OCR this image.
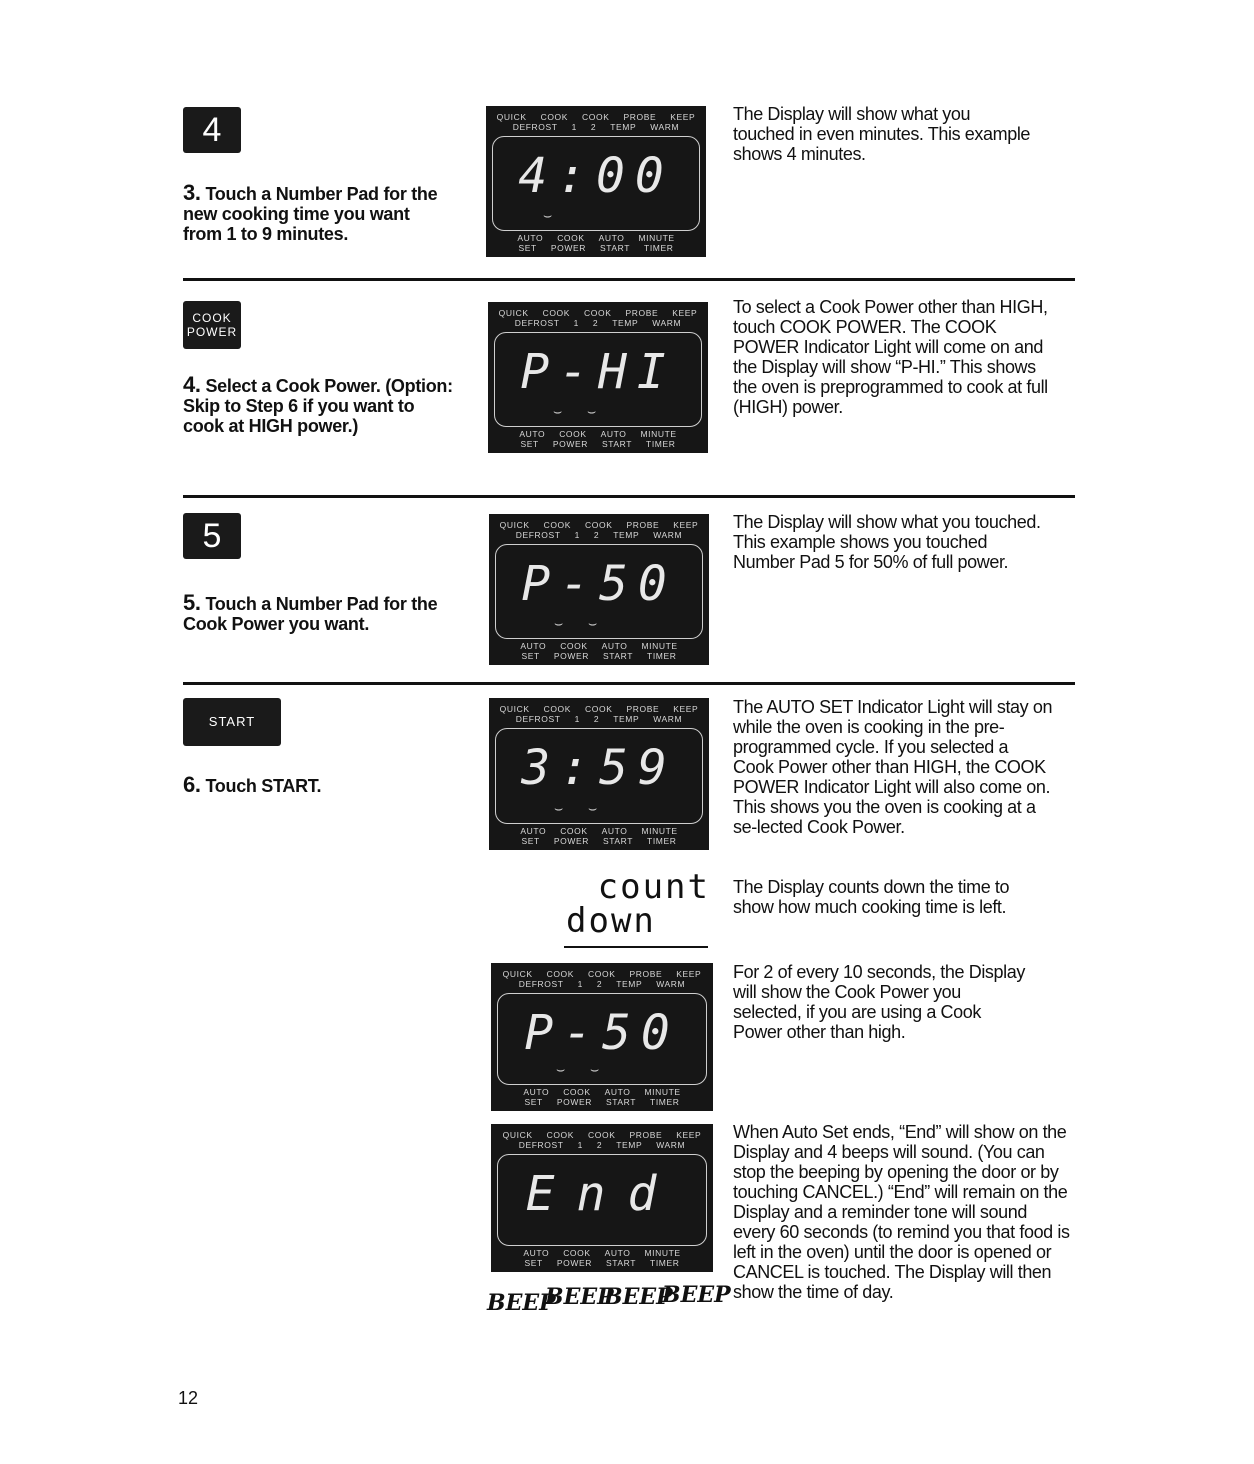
4
3. Touch a Number Pad for the new cooking time you want from 1 to 9 minutes.
QUICK COOK COOK PROBE KEEP
DEFROST 1 2 TEMP WARM
4:00
⌣
AUTO COOK AUTO MINUTE
SET POWER START TIMER
The Display will show what you touched in even minutes. This example shows 4 minutes.
COOK
POWER
4. Select a Cook Power. (Option: Skip to Step 6 if you want to cook at HIGH power.)
QUICK COOK COOK PROBE KEEP
DEFROST 1 2 TEMP WARM
P-HI
⌣ ⌣
AUTO COOK AUTO MINUTE
SET POWER START TIMER
To select a Cook Power other than HIGH, touch COOK POWER. The COOK POWER Indicator Light will come on and the Display will show “P-HI.” This shows the oven is preprogrammed to cook at full (HIGH) power.
5
5. Touch a Number Pad for the Cook Power you want.
QUICK COOK COOK PROBE KEEP
DEFROST 1 2 TEMP WARM
P-50
⌣ ⌣
AUTO COOK AUTO MINUTE
SET POWER START TIMER
The Display will show what you touched. This example shows you touched Number Pad 5 for 50% of full power.
START
6. Touch START.
QUICK COOK COOK PROBE KEEP
DEFROST 1 2 TEMP WARM
3:59
⌣ ⌣
AUTO COOK AUTO MINUTE
SET POWER START TIMER
The AUTO SET Indicator Light will stay on while the oven is cooking in the pre-programmed cycle. If you selected a Cook Power other than HIGH, the COOK POWER Indicator Light will also come on. This shows you the oven is cooking at a se-lected Cook Power.
count
down
The Display counts down the time to show how much cooking time is left.
QUICK COOK COOK PROBE KEEP
DEFROST 1 2 TEMP WARM
P-50
⌣ ⌣
AUTO COOK AUTO MINUTE
SET POWER START TIMER
For 2 of every 10 seconds, the Display will show the Cook Power you selected, if you are using a Cook Power other than high.
QUICK COOK COOK PROBE KEEP
DEFROST 1 2 TEMP WARM
End
AUTO COOK AUTO MINUTE
SET POWER START TIMER
BEEP
BEEP
BEEP
BEEP
When Auto Set ends, “End” will show on the Display and 4 beeps will sound. (You can stop the beeping by opening the door or by touching CANCEL.) “End” will remain on the Display and a reminder tone will sound every 60 seconds (to remind you that food is left in the oven) until the door is opened or CANCEL is touched. The Display will then show the time of day.
12
